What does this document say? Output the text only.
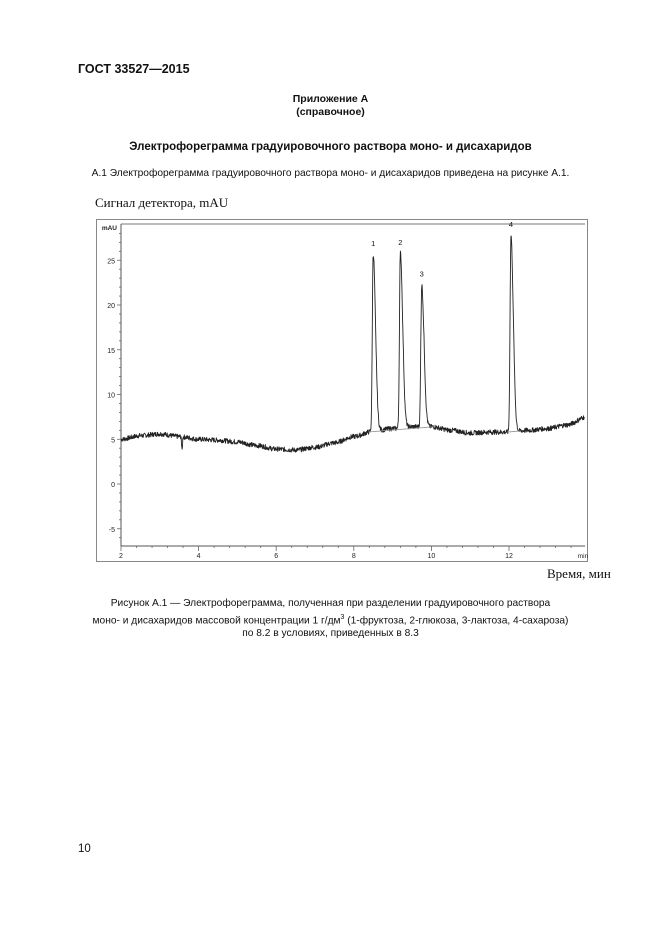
ГОСТ 33527—2015
Приложение А
(справочное)
Электрофореграмма градуировочного раствора моно- и дисахаридов
А.1 Электрофореграмма градуировочного раствора моно- и дисахаридов приведена на рисунке А.1.
Сигнал детектора, mAU
-5
0
5
10
15
20
25
mAU
2	4	6	8	10	12	min
1	2
3
4
Время, мин
Рисунок А.1 — Электрофореграмма, полученная при разделении градуировочного раствора
моно- и дисахаридов массовой концентрации 1 $г/дм^3$ (1-фруктоза, 2-глюкоза, 3-лактоза, 4-сахароза)
по 8.2 в условиях, приведенных в 8.3
10
